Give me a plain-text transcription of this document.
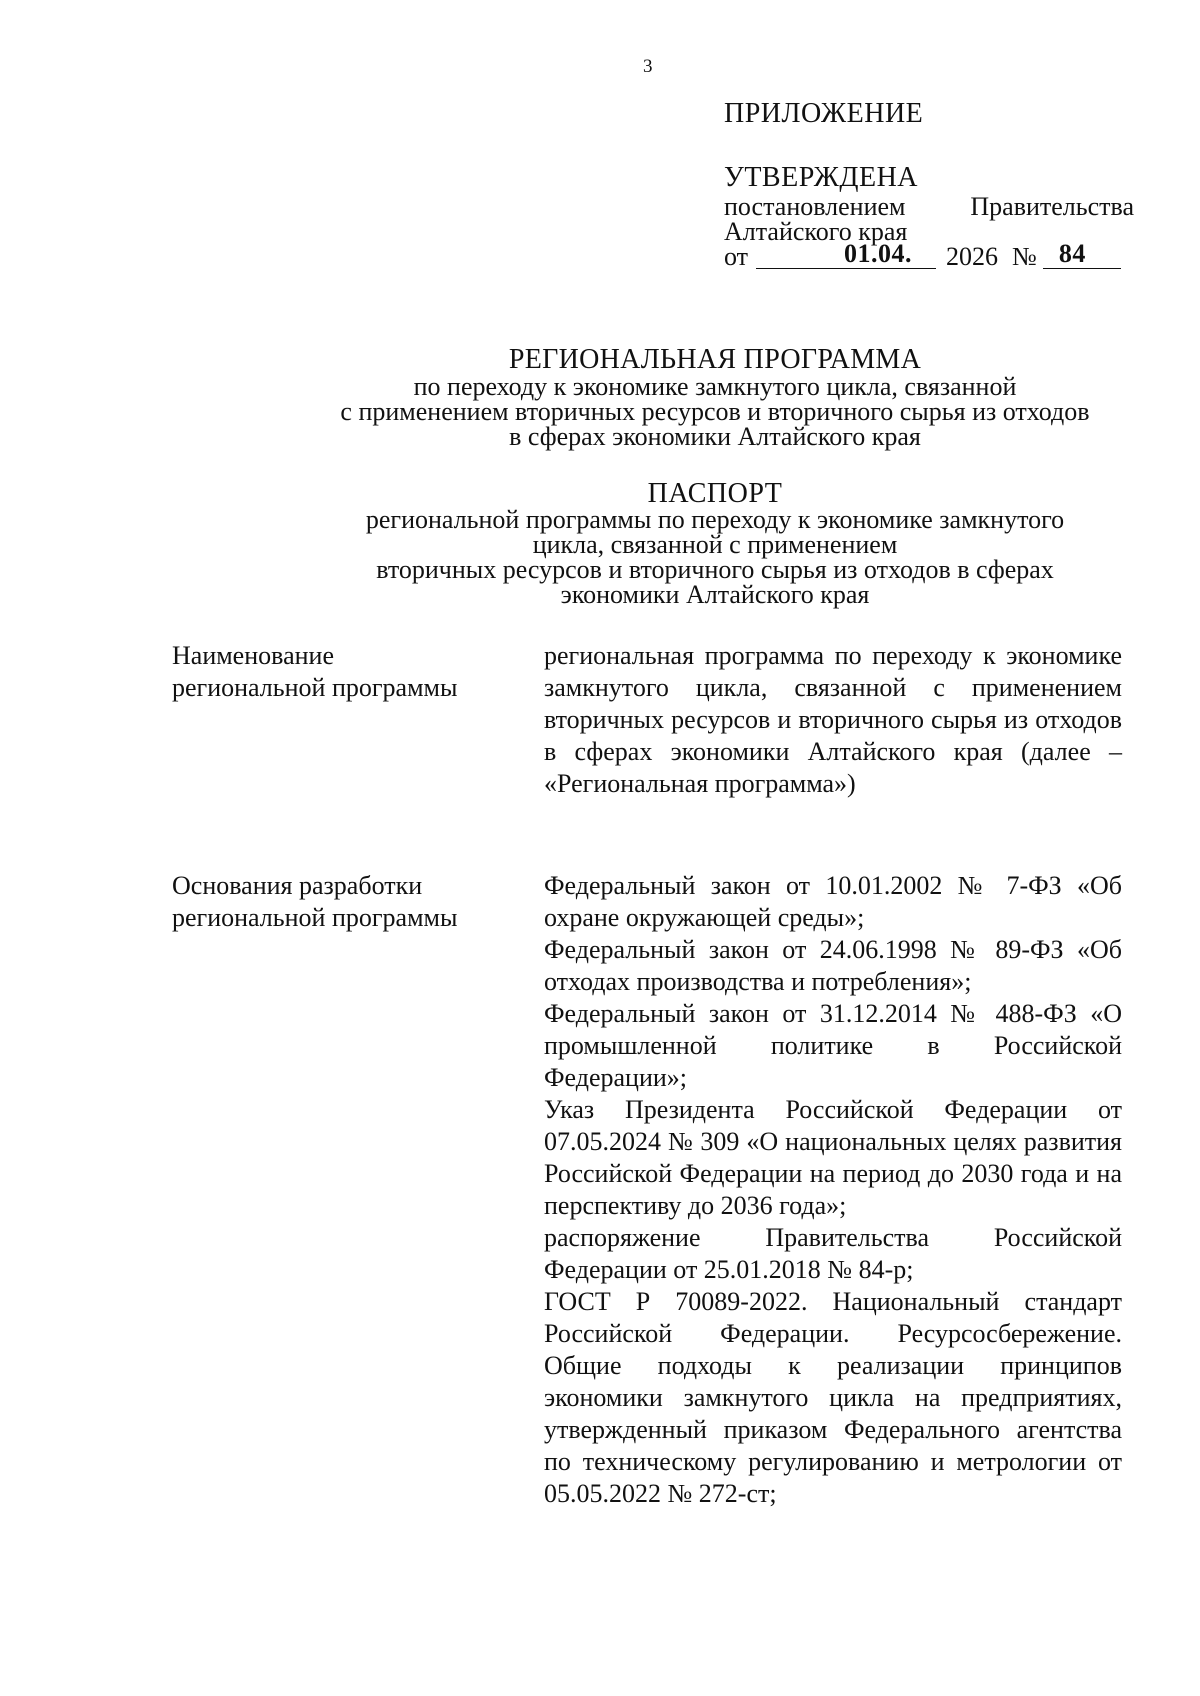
3
ПРИЛОЖЕНИЕ
УТВЕРЖДЕНА
постановлением Правительства
Алтайского края
от	01.04. 2026 № 84
РЕГИОНАЛЬНАЯ ПРОГРАММА
по переходу к экономике замкнутого цикла, связанной
с применением вторичных ресурсов и вторичного сырья из отходов
в сферах экономики Алтайского края
ПАСПОРТ
региональной программы по переходу к экономике замкнутого
цикла, связанной с применением
вторичных ресурсов и вторичного сырья из отходов в сферах
экономики Алтайского края
Наименование
региональной программы
региональная программа по переходу к экономике замкнутого цикла, связанной с применением вторичных ресурсов и вторичного сырья из отходов в сферах экономики Алтайского края (далее – «Региональная программа»)
Основания разработки
региональной программы
Федеральный закон от 10.01.2002 № 7-ФЗ «Об охране окружающей среды»;
Федеральный закон от 24.06.1998 № 89-ФЗ «Об отходах производства и потребления»;
Федеральный закон от 31.12.2014 № 488-ФЗ «О промышленной политике в Российской Федерации»;
Указ Президента Российской Федерации от 07.05.2024 № 309 «О национальных целях развития Российской Федерации на период до 2030 года и на перспективу до 2036 года»;
распоряжение Правительства Российской Федерации от 25.01.2018 № 84-р;
ГОСТ Р 70089-2022. Национальный стандарт Российской Федерации. Ресурсосбережение. Общие подходы к реализации принципов экономики замкнутого цикла на предприятиях, утвержденный приказом Федерального агентства по техническому регулированию и метрологии от 05.05.2022 № 272-ст;
